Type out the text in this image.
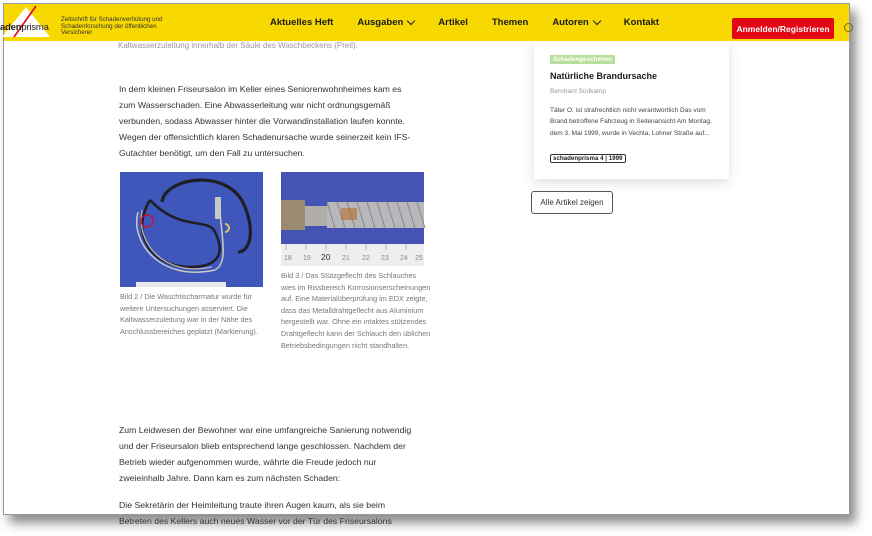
adenprisma
Zeitschrift für Schadenverhütung und Schadenforschung der öffentlichen Versicherer
Aktuelles Heft	Ausgaben	Artikel	Themen	Autoren	Kontakt
Anmelden/Registrieren
Kaltwasserzuleitung innerhalb der Säule des Waschbeckens (Preil).

In dem kleinen Friseursalon im Keller eines Seniorenwohnheimes kam es zum Wasserschaden. Eine Abwasserleitung war nicht ordnungsgemäß verbunden, sodass Abwasser hinter die Vorwandinstallation laufen konnte. Wegen der offensichtlich klaren Schadenursache wurde seinerzeit kein IFS-Gutachter benötigt, um den Fall zu untersuchen.

18 19 20 21 22 23 24 25
Bild 2 / Die Waschtischarmatur wurde für weitere Untersuchungen asserviert. Die Kaltwasserzuleitung war in der Nähe des Anschlussbereiches geplatzt (Markierung).
Bild 3 / Das Stützgeflecht des Schlauches wies im Rissbereich Korrosionserscheinungen auf. Eine Materialüberprüfung im EDX zeigte, dass das Metalldrahtgeflecht aus Aluminium hergestellt war. Ohne ein intaktes stützendes Drahtgeflecht kann der Schlauch den üblichen Betriebsbedingungen nicht standhalten.

Zum Leidwesen der Bewohner war eine umfangreiche Sanierung notwendig und der Friseursalon blieb entsprechend lange geschlossen. Nachdem der Betrieb wieder aufgenommen wurde, währte die Freude jedoch nur zweieinhalb Jahre. Dann kam es zum nächsten Schaden:

Die Sekretärin der Heimleitung traute ihren Augen kaum, als sie beim Betreten des Kellers auch neues Wasser vor der Tür des Friseursalons

Schadengeschehen
Natürliche Brandursache
Bernhard Südkamp
Täter O. ist strafrechtlich nicht verantwortlich Das vom Brand betroffene Fahrzeug in Seitenansicht Am Montag, dem 3. Mai 1999, wurde in Vechta, Lohner Straße auf...
schadenprisma 4 | 1999
Alle Artikel zeigen
